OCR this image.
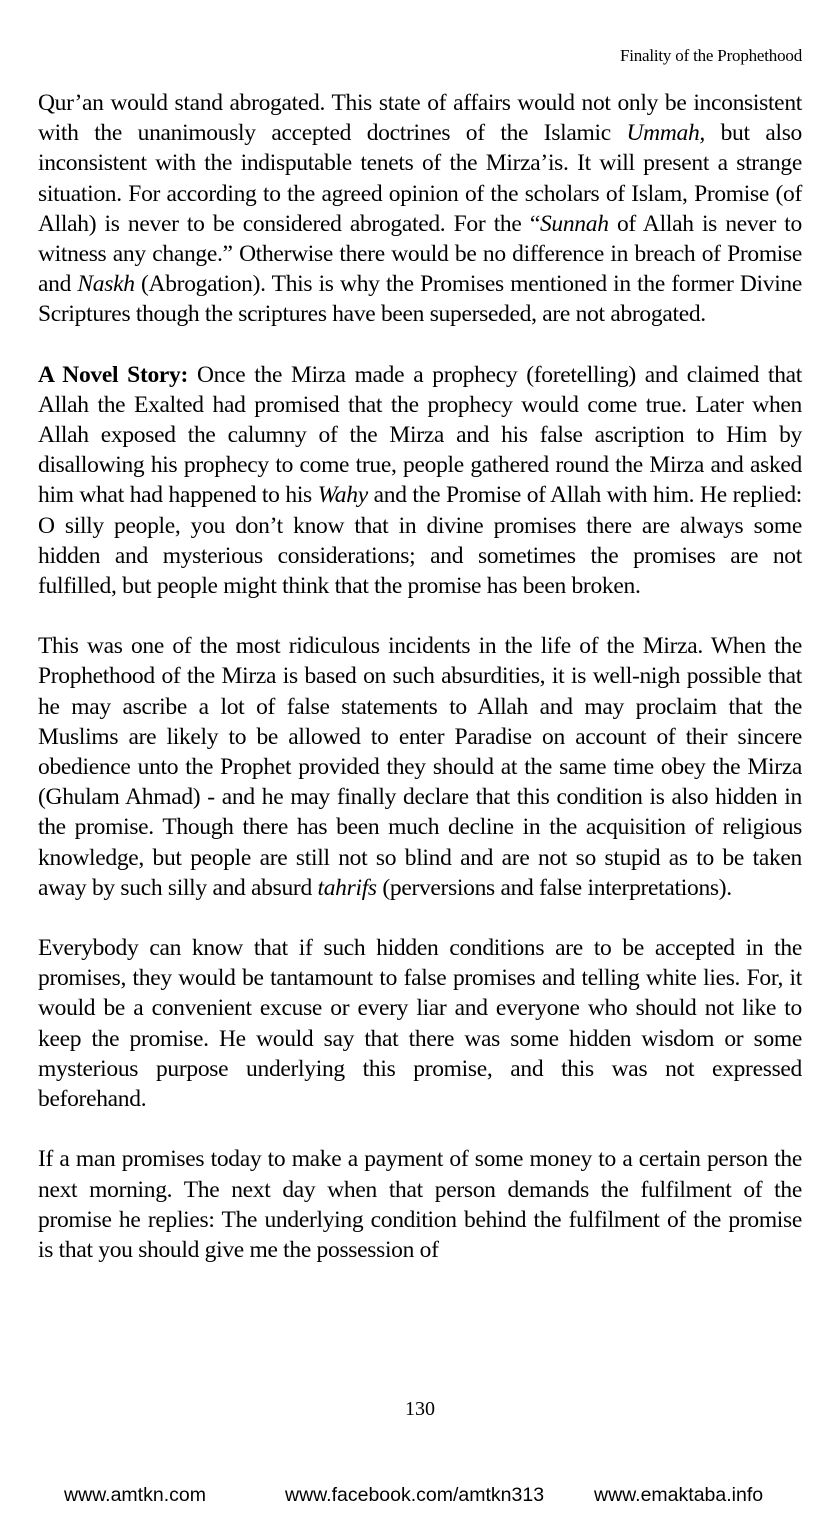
Finality of the Prophethood

Qur’an would stand abrogated. This state of affairs would not only be inconsistent with the unanimously accepted doctrines of the Islamic Ummah, but also inconsistent with the indisputable tenets of the Mirza’is. It will present a strange situation. For according to the agreed opinion of the scholars of Islam, Promise (of Allah) is never to be considered abrogated. For the “Sunnah of Allah is never to witness any change.” Otherwise there would be no difference in breach of Promise and Naskh (Abrogation). This is why the Promises mentioned in the former Divine Scriptures though the scriptures have been superseded, are not abrogated.

A Novel Story: Once the Mirza made a prophecy (foretelling) and claimed that Allah the Exalted had promised that the prophecy would come true. Later when Allah exposed the calumny of the Mirza and his false ascription to Him by disallowing his prophecy to come true, people gathered round the Mirza and asked him what had happened to his Wahy and the Promise of Allah with him. He replied: O silly people, you don’t know that in divine promises there are always some hidden and mysterious considerations; and sometimes the promises are not fulfilled, but people might think that the promise has been broken.

This was one of the most ridiculous incidents in the life of the Mirza. When the Prophethood of the Mirza is based on such absurdities, it is well-nigh possible that he may ascribe a lot of false statements to Allah and may proclaim that the Muslims are likely to be allowed to enter Paradise on account of their sincere obedience unto the Prophet provided they should at the same time obey the Mirza (Ghulam Ahmad) - and he may finally declare that this condition is also hidden in the promise. Though there has been much decline in the acquisition of religious knowledge, but people are still not so blind and are not so stupid as to be taken away by such silly and absurd tahrifs (perversions and false interpretations).

Everybody can know that if such hidden conditions are to be accepted in the promises, they would be tantamount to false promises and telling white lies. For, it would be a convenient excuse or every liar and everyone who should not like to keep the promise. He would say that there was some hidden wisdom or some mysterious purpose underlying this promise, and this was not expressed beforehand.

If a man promises today to make a payment of some money to a certain person the next morning. The next day when that person demands the fulfilment of the promise he replies: The underlying condition behind the fulfilment of the promise is that you should give me the possession of

130
www.amtkn.com	www.facebook.com/amtkn313	www.emaktaba.info
